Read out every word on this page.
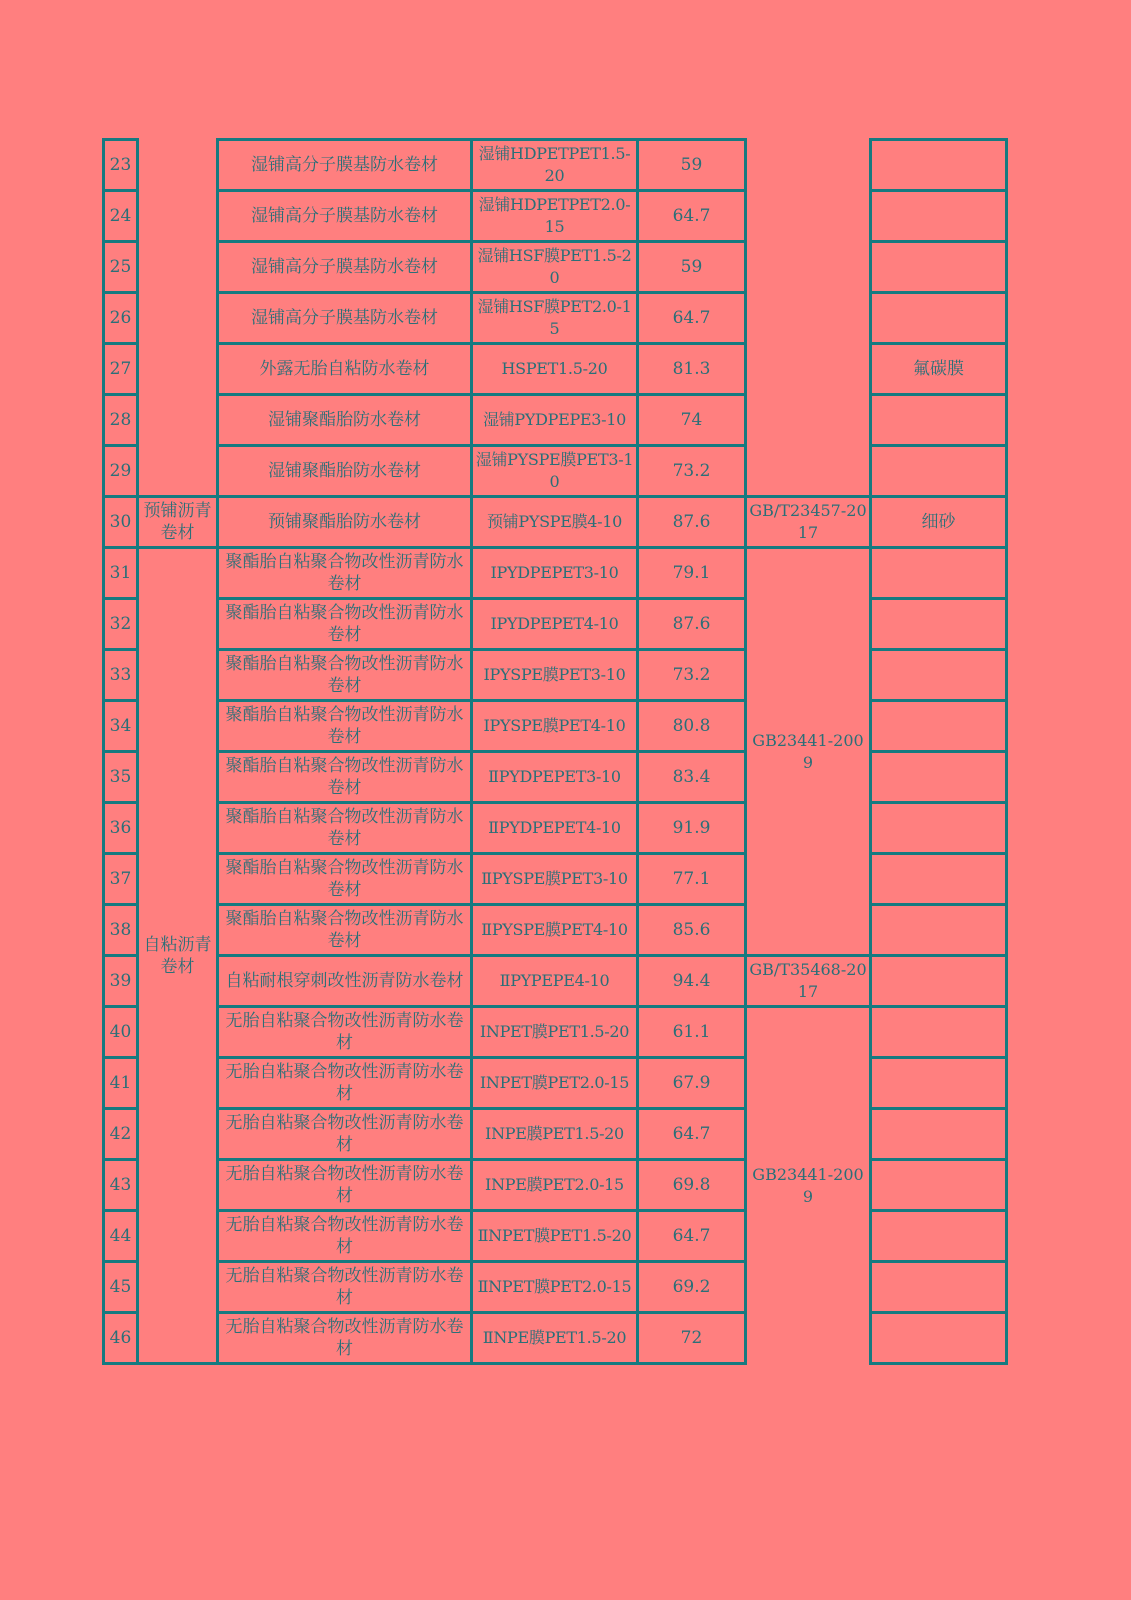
23		湿铺高分子膜基防水卷材	湿铺HDPETPET1.5-20	59		
24		湿铺高分子膜基防水卷材	湿铺HDPETPET2.0-15	64.7		
25		湿铺高分子膜基防水卷材	湿铺HSF膜PET1.5-20	59		
26		湿铺高分子膜基防水卷材	湿铺HSF膜PET2.0-15	64.7		
27		外露无胎自粘防水卷材	HSPET1.5-20	81.3		氟碳膜
28		湿铺聚酯胎防水卷材	湿铺PYDPEPE3-10	74		
29		湿铺聚酯胎防水卷材	湿铺PYSPE膜PET3-10	73.2		
30	预铺沥青卷材	预铺聚酯胎防水卷材	预铺PYSPE膜4-10	87.6	GB/T23457-2017	细砂
31	自粘沥青卷材	聚酯胎自粘聚合物改性沥青防水卷材	ⅠPYDPEPET3-10	79.1	GB23441-2009	
32		聚酯胎自粘聚合物改性沥青防水卷材	ⅠPYDPEPET4-10	87.6		
33		聚酯胎自粘聚合物改性沥青防水卷材	ⅠPYSPE膜PET3-10	73.2		
34		聚酯胎自粘聚合物改性沥青防水卷材	ⅠPYSPE膜PET4-10	80.8		
35		聚酯胎自粘聚合物改性沥青防水卷材	ⅡPYDPEPET3-10	83.4		
36		聚酯胎自粘聚合物改性沥青防水卷材	ⅡPYDPEPET4-10	91.9		
37		聚酯胎自粘聚合物改性沥青防水卷材	ⅡPYSPE膜PET3-10	77.1		
38		聚酯胎自粘聚合物改性沥青防水卷材	ⅡPYSPE膜PET4-10	85.6		
39		自粘耐根穿刺改性沥青防水卷材	ⅡPYPEPE4-10	94.4	GB/T35468-2017	
40		无胎自粘聚合物改性沥青防水卷材	ⅠNPET膜PET1.5-20	61.1	GB23441-2009	
41		无胎自粘聚合物改性沥青防水卷材	ⅠNPET膜PET2.0-15	67.9		
42		无胎自粘聚合物改性沥青防水卷材	ⅠNPE膜PET1.5-20	64.7		
43		无胎自粘聚合物改性沥青防水卷材	ⅠNPE膜PET2.0-15	69.8		
44		无胎自粘聚合物改性沥青防水卷材	ⅡNPET膜PET1.5-20	64.7		
45		无胎自粘聚合物改性沥青防水卷材	ⅡNPET膜PET2.0-15	69.2		
46		无胎自粘聚合物改性沥青防水卷材	ⅡNPE膜PET1.5-20	72		
